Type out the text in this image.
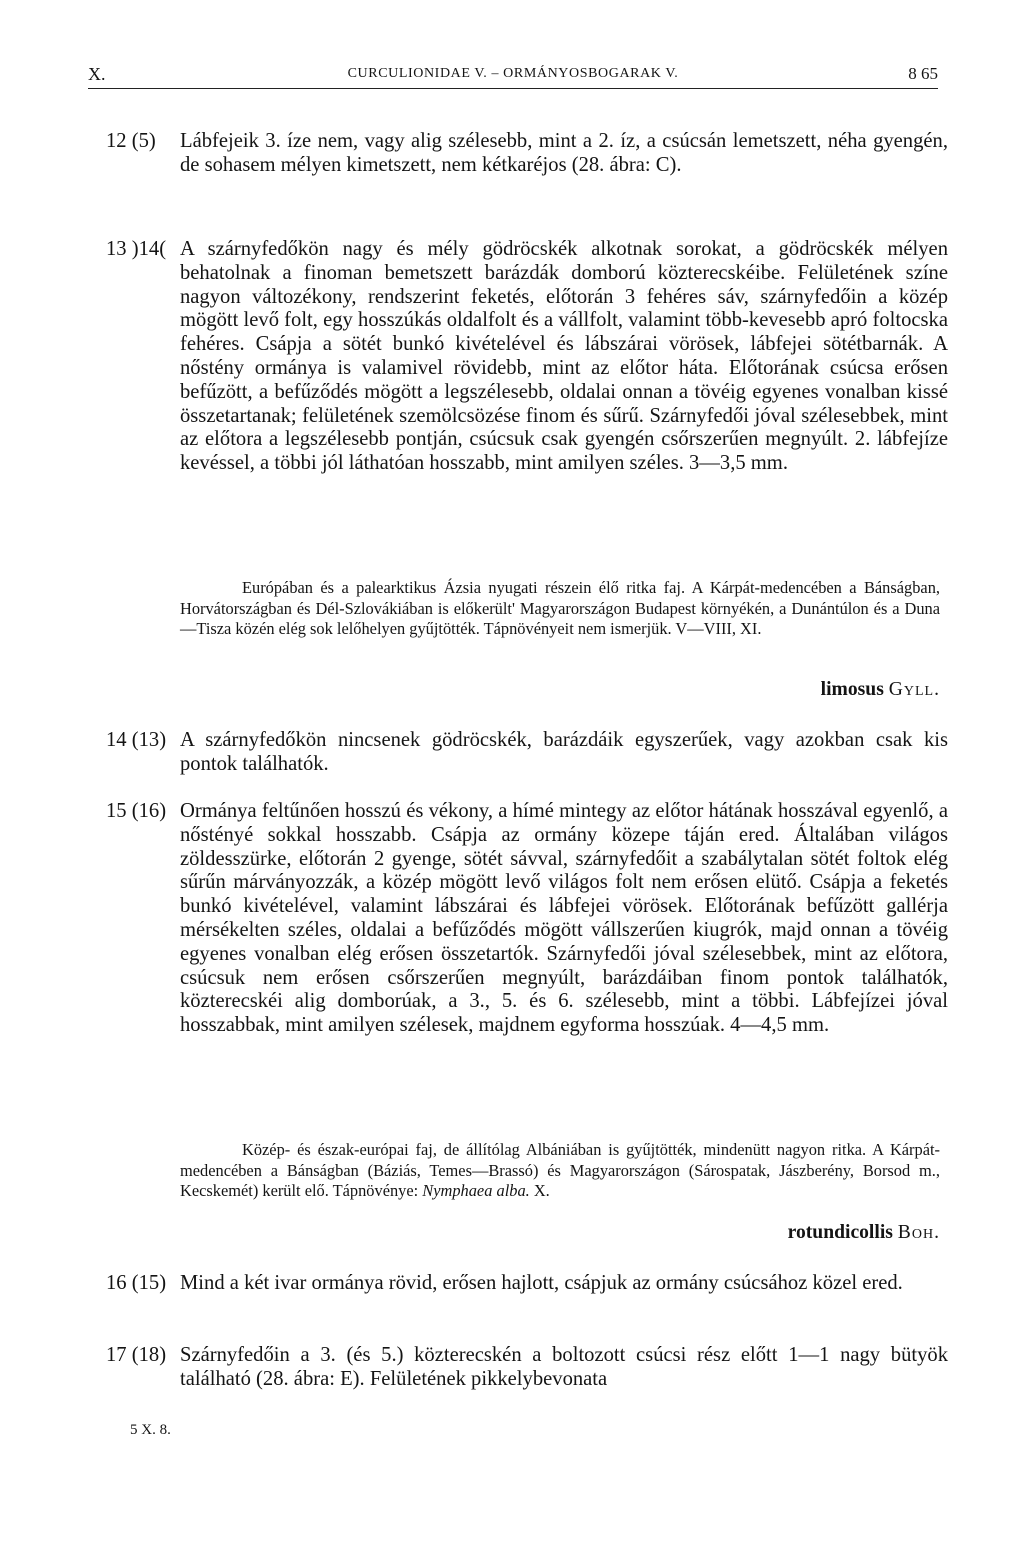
X.	CURCULIONIDAE V. – ORMÁNYOSBOGARAK V.	8 65
12 (5)	Lábfejeik 3. íze nem, vagy alig szélesebb, mint a 2. íz, a csúcsán lemetszett, néha gyengén, de sohasem mélyen kimetszett, nem kétkaréjos (28. ábra: C).
13 )14( A szárnyfedőkön nagy és mély gödröcskék alkotnak sorokat, a gödröcskék mélyen behatolnak a finoman bemetszett barázdák domború közterecskéibe. Felületének színe nagyon változékony, rendszerint feketés, előtorán 3 fehéres sáv, szárnyfedőin a közép mögött levő folt, egy hosszúkás oldalfolt és a vállfolt, valamint több-kevesebb apró foltocska fehéres. Csápja a sötét bunkó kivételével és lábszárai vörösek, lábfejei sötétbarnák. A nőstény ormánya is valamivel rövidebb, mint az előtor háta. Előtorának csúcsa erősen befűzött, a befűződés mögött a legszélesebb, oldalai onnan a tövéig egyenes vonalban kissé összetartanak; felületének szemölcsözése finom és sűrű. Szárnyfedői jóval szélesebbek, mint az előtora a legszélesebb pontján, csúcsuk csak gyengén csőrszerűen megnyúlt. 2. lábfejíze kevéssel, a többi jól láthatóan hosszabb, mint amilyen széles. 3—3,5 mm.
Európában és a palearktikus Ázsia nyugati részein élő ritka faj. A Kárpát-medencében a Bánságban, Horvátországban és Dél-Szlovákiában is előkerült' Magyarországon Budapest környékén, a Dunántúlon és a Duna—Tisza közén elég sok lelőhelyen gyűjtötték. Tápnövényeit nem ismerjük. V—VIII, XI.
limosus Gyll.
14 (13) A szárnyfedőkön nincsenek gödröcskék, barázdáik egyszerűek, vagy azokban csak kis pontok találhatók.
15 (16) Ormánya feltűnően hosszú és vékony, a hímé mintegy az előtor hátának hosszával egyenlő, a nőstényé sokkal hosszabb. Csápja az ormány közepe táján ered. Általában világos zöldesszürke, előtorán 2 gyenge, sötét sávval, szárnyfedőit a szabálytalan sötét foltok elég sűrűn márványozzák, a közép mögött levő világos folt nem erősen elütő. Csápja a feketés bunkó kivételével, valamint lábszárai és lábfejei vörösek. Előtorának befűzött gallérja mérsékelten széles, oldalai a befűződés mögött vállszerűen kiugrók, majd onnan a tövéig egyenes vonalban elég erősen összetartók. Szárnyfedői jóval szélesebbek, mint az előtora, csúcsuk nem erősen csőrszerűen megnyúlt, barázdáiban finom pontok találhatók, közterecskéi alig domborúak, a 3., 5. és 6. szélesebb, mint a többi. Lábfejízei jóval hosszabbak, mint amilyen szélesek, majdnem egyforma hosszúak. 4—4,5 mm.
Közép- és észak-európai faj, de állítólag Albániában is gyűjtötték, mindenütt nagyon ritka. A Kárpát-medencében a Bánságban (Báziás, Temes—Brassó) és Magyarországon (Sárospatak, Jászberény, Borsod m., Kecskemét) került elő. Tápnövénye: Nymphaea alba. X.
rotundicollis Boh.
16 (15) Mind a két ivar ormánya rövid, erősen hajlott, csápjuk az ormány csúcsához közel ered.
17 (18) Szárnyfedőin a 3. (és 5.) közterecskén a boltozott csúcsi rész előtt 1—1 nagy bütyök található (28. ábra: E). Felületének pikkelybevonata
5 X. 8.
